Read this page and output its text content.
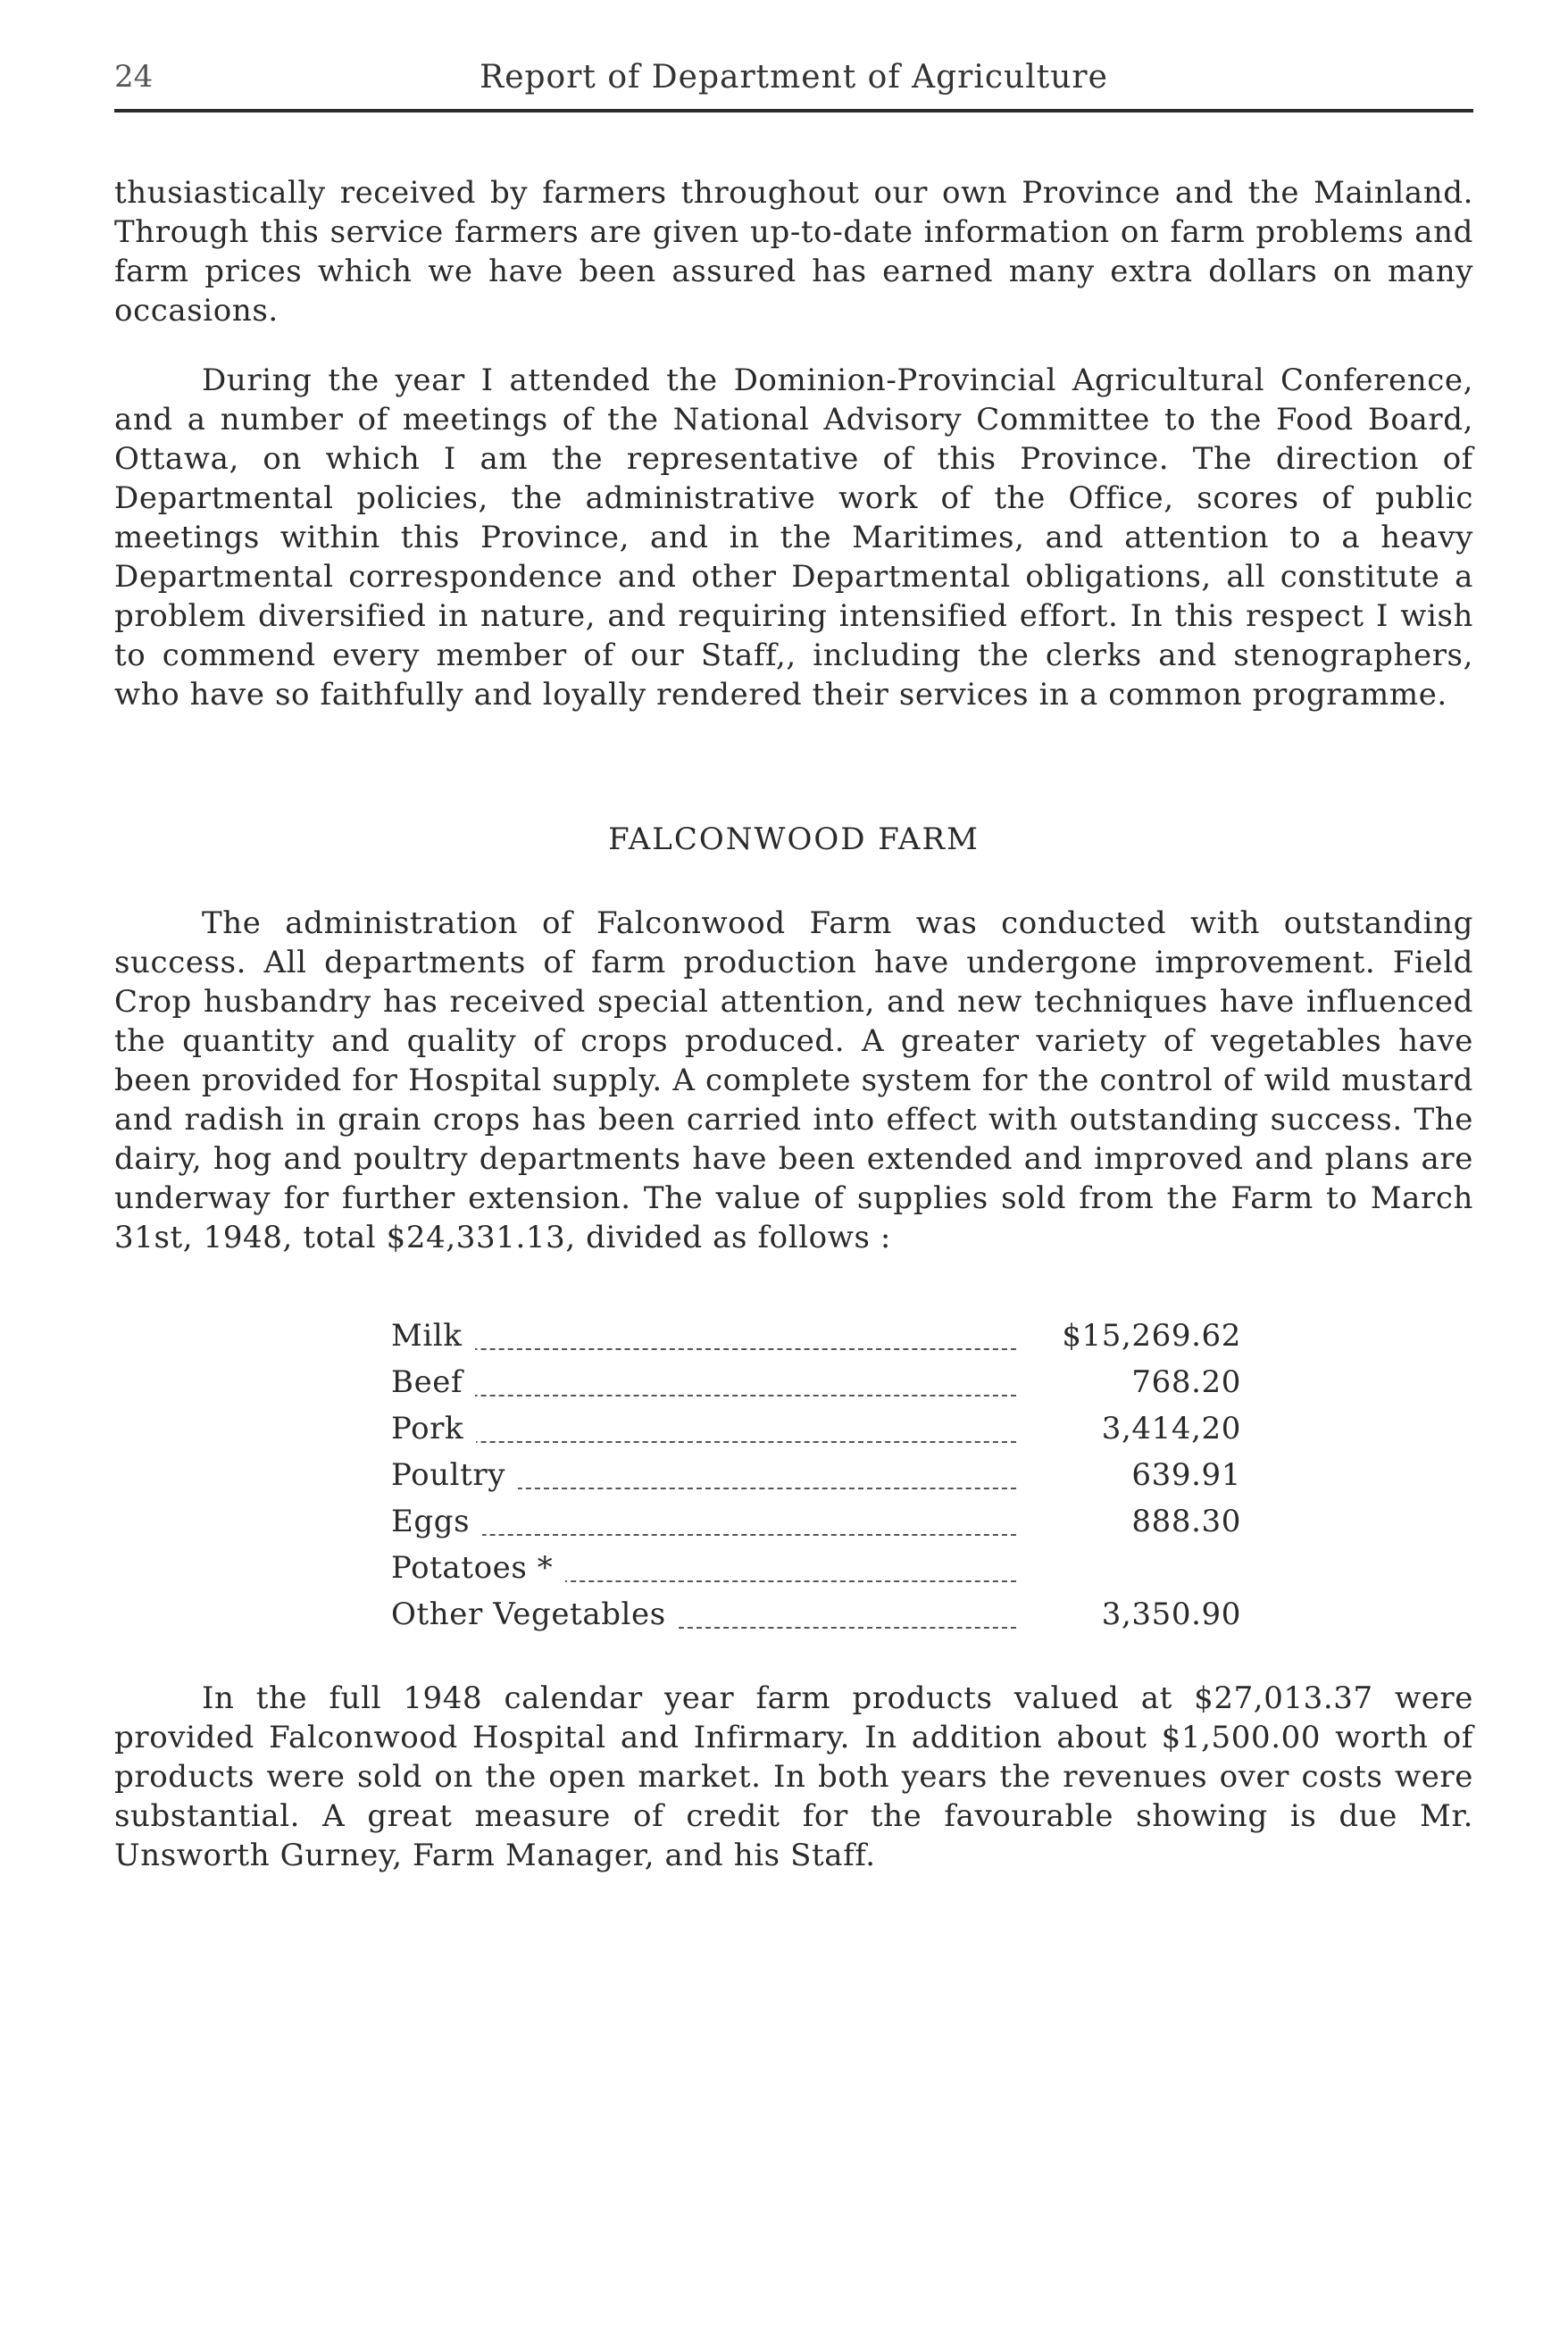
24	Report of Department of Agriculture

thusiastically received by farmers throughout our own Province and the Mainland. Through this service farmers are given up-to-date information on farm problems and farm prices which we have been assured has earned many extra dollars on many occasions.

During the year I attended the Dominion-Provincial Agricultural Conference, and a number of meetings of the National Advisory Committee to the Food Board, Ottawa, on which I am the representative of this Province. The direction of Departmental policies, the administrative work of the Office, scores of public meetings within this Province, and in the Maritimes, and attention to a heavy Departmental correspondence and other Departmental obligations, all constitute a problem diversified in nature, and requiring intensified effort. In this respect I wish to commend every member of our Staff,, including the clerks and stenographers, who have so faithfully and loyally rendered their services in a common programme.

FALCONWOOD FARM

The administration of Falconwood Farm was conducted with outstanding success. All departments of farm production have undergone improvement. Field Crop husbandry has received special attention, and new techniques have influenced the quantity and quality of crops produced. A greater variety of vegetables have been provided for Hospital supply. A complete system for the control of wild mustard and radish in grain crops has been carried into effect with outstanding success. The dairy, hog and poultry departments have been extended and improved and plans are underway for further extension. The value of supplies sold from the Farm to March 31st, 1948, total $24,331.13, divided as follows :

Milk	$15,269.62
Beef	768.20
Pork	3,414,20
Poultry	639.91
Eggs	888.30
Potatoes *
Other Vegetables	3,350.90

In the full 1948 calendar year farm products valued at $27,013.37 were provided Falconwood Hospital and Infirmary. In addition about $1,500.00 worth of products were sold on the open market. In both years the revenues over costs were substantial. A great measure of credit for the favourable showing is due Mr. Unsworth Gurney, Farm Manager, and his Staff.
